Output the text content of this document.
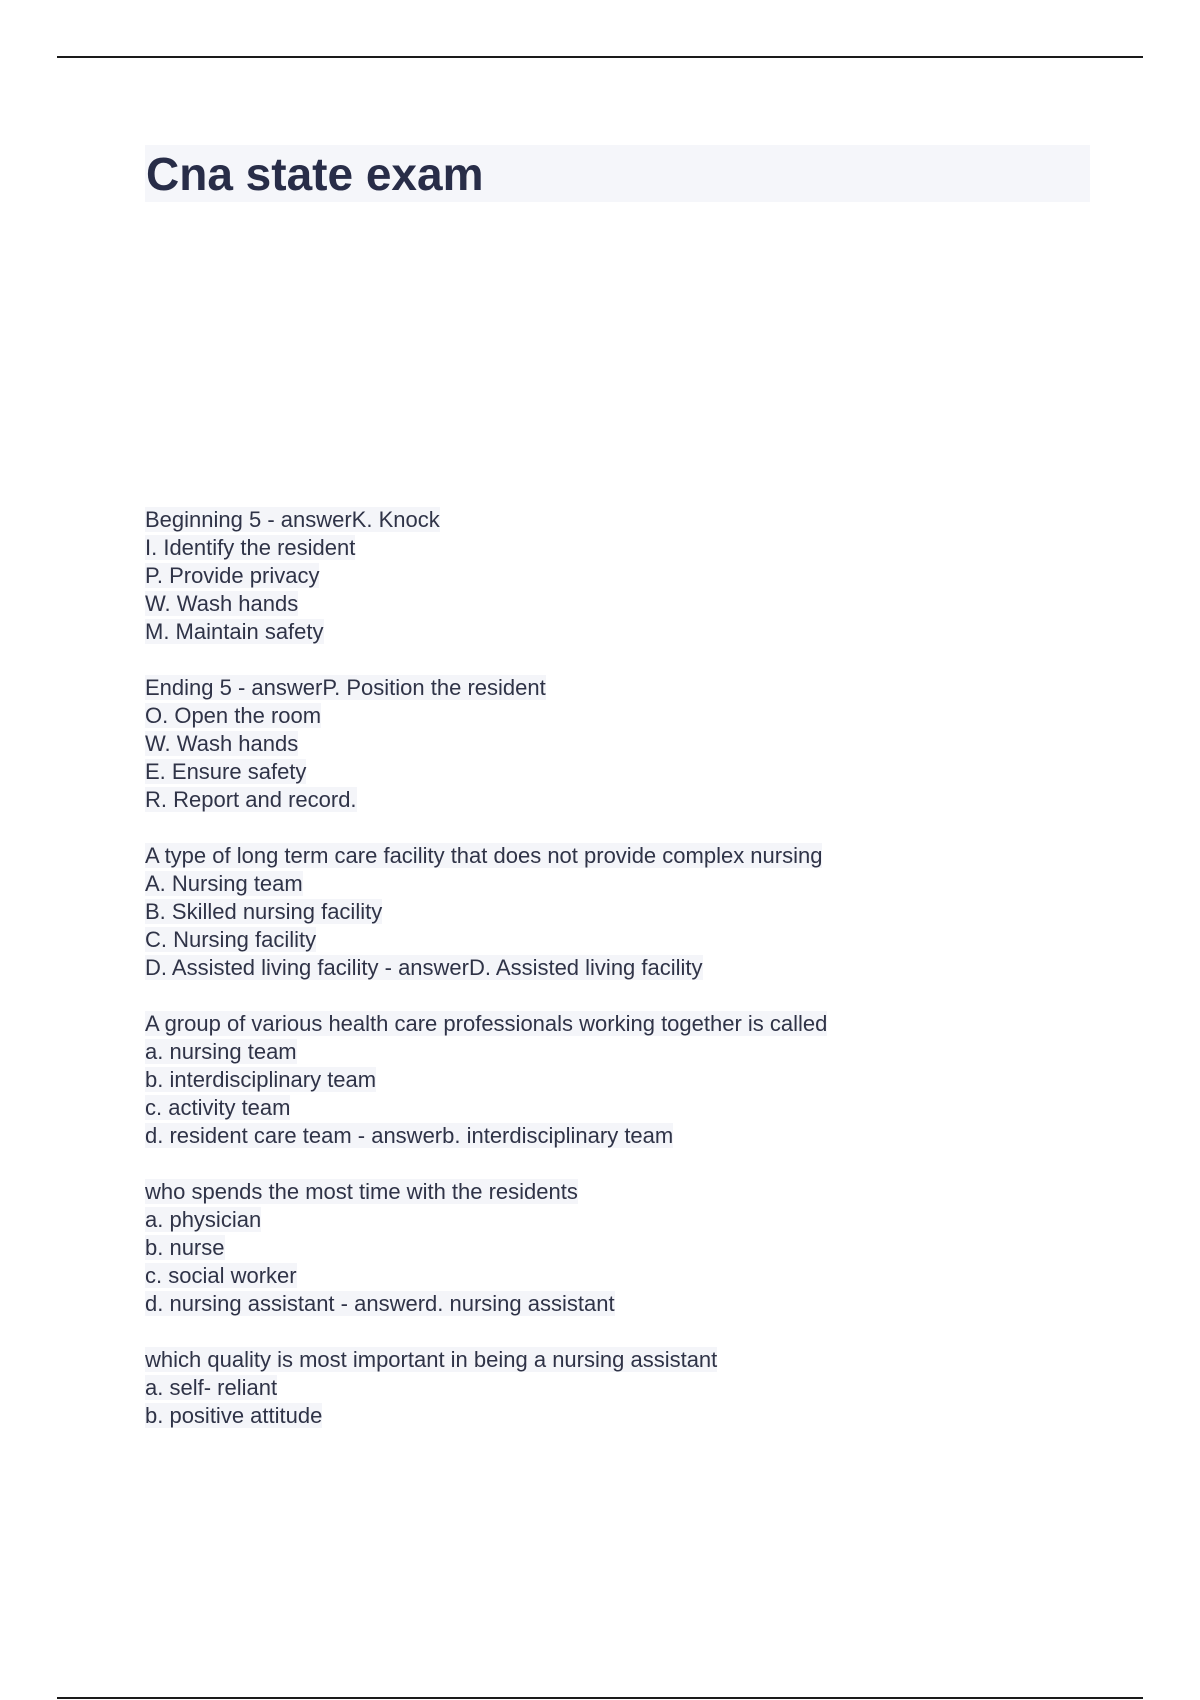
Cna state exam
Beginning 5 - answerK. Knock
I. Identify the resident
P. Provide privacy
W. Wash hands
M. Maintain safety
Ending 5 - answerP. Position the resident
O. Open the room
W. Wash hands
E. Ensure safety
R. Report and record.
A type of long term care facility that does not provide complex nursing
A. Nursing team
B. Skilled nursing facility
C. Nursing facility
D. Assisted living facility - answerD. Assisted living facility
A group of various health care professionals working together is called
a. nursing team
b. interdisciplinary team
c. activity team
d. resident care team - answerb. interdisciplinary team
who spends the most time with the residents
a. physician
b. nurse
c. social worker
d. nursing assistant - answerd. nursing assistant
which quality is most important in being a nursing assistant
a. self- reliant
b. positive attitude
